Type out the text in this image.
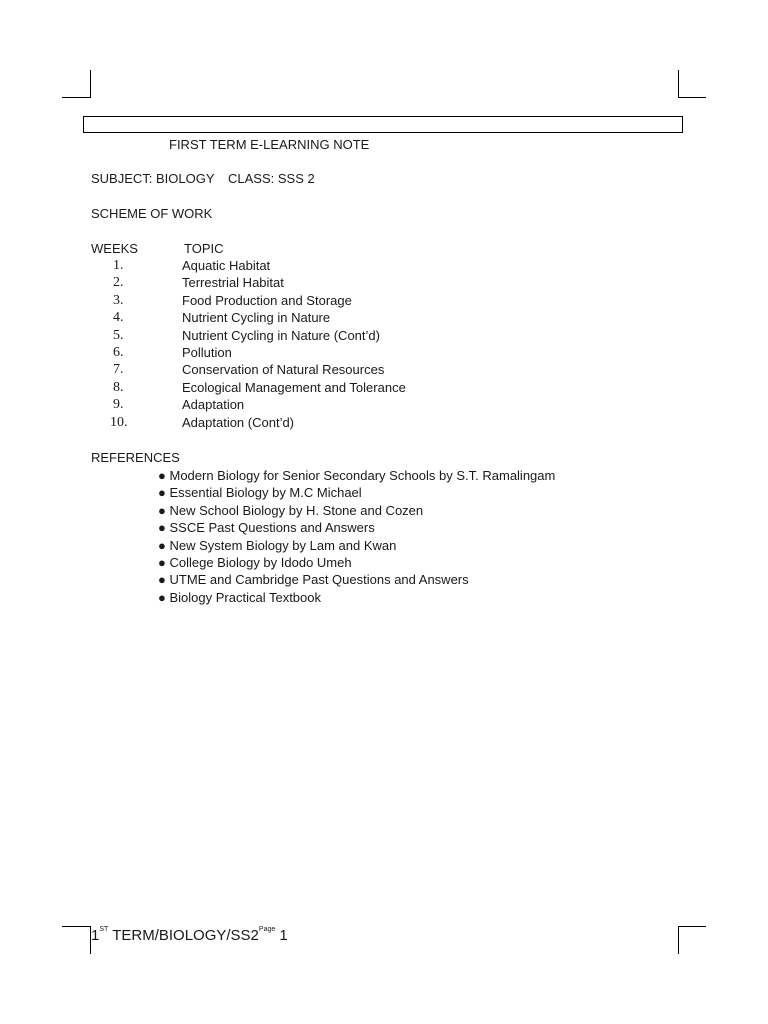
FIRST TERM E-LEARNING NOTE
SUBJECT: BIOLOGY CLASS: SSS 2
SCHEME OF WORK
WEEKS	TOPIC
1.	Aquatic Habitat
2.	Terrestrial Habitat
3.	Food Production and Storage
4.	Nutrient Cycling in Nature
5.	Nutrient Cycling in Nature (Cont’d)
6.	Pollution
7.	Conservation of Natural Resources
8.	Ecological Management and Tolerance
9.	Adaptation
10.	Adaptation (Cont’d)
REFERENCES
● Modern Biology for Senior Secondary Schools by S.T. Ramalingam
● Essential Biology by M.C Michael
● New School Biology by H. Stone and Cozen
● SSCE Past Questions and Answers
● New System Biology by Lam and Kwan
● College Biology by Idodo Umeh
● UTME and Cambridge Past Questions and Answers
● Biology Practical Textbook
1ST TERM/$BIOLOGY/SS2^{Page}$ 1
